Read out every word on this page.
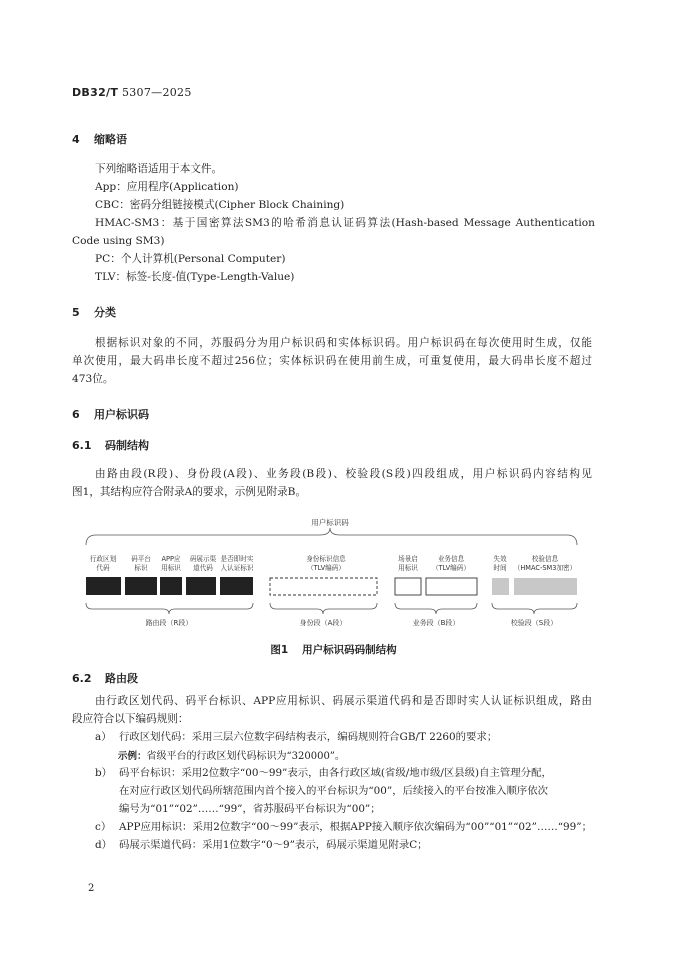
DB32/T 5307—2025
4 缩略语
下列缩略语适用于本文件。
App：应用程序(Application)
CBC：密码分组链接模式(Cipher Block Chaining)
HMAC-SM3：基于国密算法SM3的哈希消息认证码算法(Hash-based Message Authentication
Code using SM3)
PC：个人计算机(Personal Computer)
TLV：标签-长度-值(Type-Length-Value)
5 分类
根据标识对象的不同，苏服码分为用户标识码和实体标识码。用户标识码在每次使用时生成，仅能
单次使用，最大码串长度不超过256位；实体标识码在使用前生成，可重复使用，最大码串长度不超过
473位。
6 用户标识码
6.1 码制结构
由路由段(R段)、身份段(A段)、业务段(B段)、校验段(S段)四段组成，用户标识码内容结构见
图1，其结构应符合附录A的要求，示例见附录B。
用户标识码
行政区划
代码
码平台
标识
APP应
用标识
码展示渠
道代码
是否即时实
人认证标识
身份标识信息
（TLV编码）
场景启
用标识
业务信息
（TLV编码）
失效
时间
校验信息
（HMAC-SM3加密）
路由段（R段）	身份段（A段）	业务段（B段）	校验段（S段）
图1 用户标识码码制结构
6.2 路由段
由行政区划代码、码平台标识、APP应用标识、码展示渠道代码和是否即时实人认证标识组成，路由
段应符合以下编码规则：
a） 行政区划代码：采用三层六位数字码结构表示，编码规则符合GB/T 2260的要求；
示例：省级平台的行政区划代码标识为“320000”。
b） 码平台标识：采用2位数字“00～99”表示，由各行政区域(省级/地市级/区县级)自主管理分配，
在对应行政区划代码所辖范围内首个接入的平台标识为“00”，后续接入的平台按准入顺序依次
编号为“01”“02”……“99”，省苏服码平台标识为“00”；
c） APP应用标识：采用2位数字“00～99”表示，根据APP接入顺序依次编码为“00”“01”“02”……“99”；
d） 码展示渠道代码：采用1位数字“0～9”表示，码展示渠道见附录C；
2
